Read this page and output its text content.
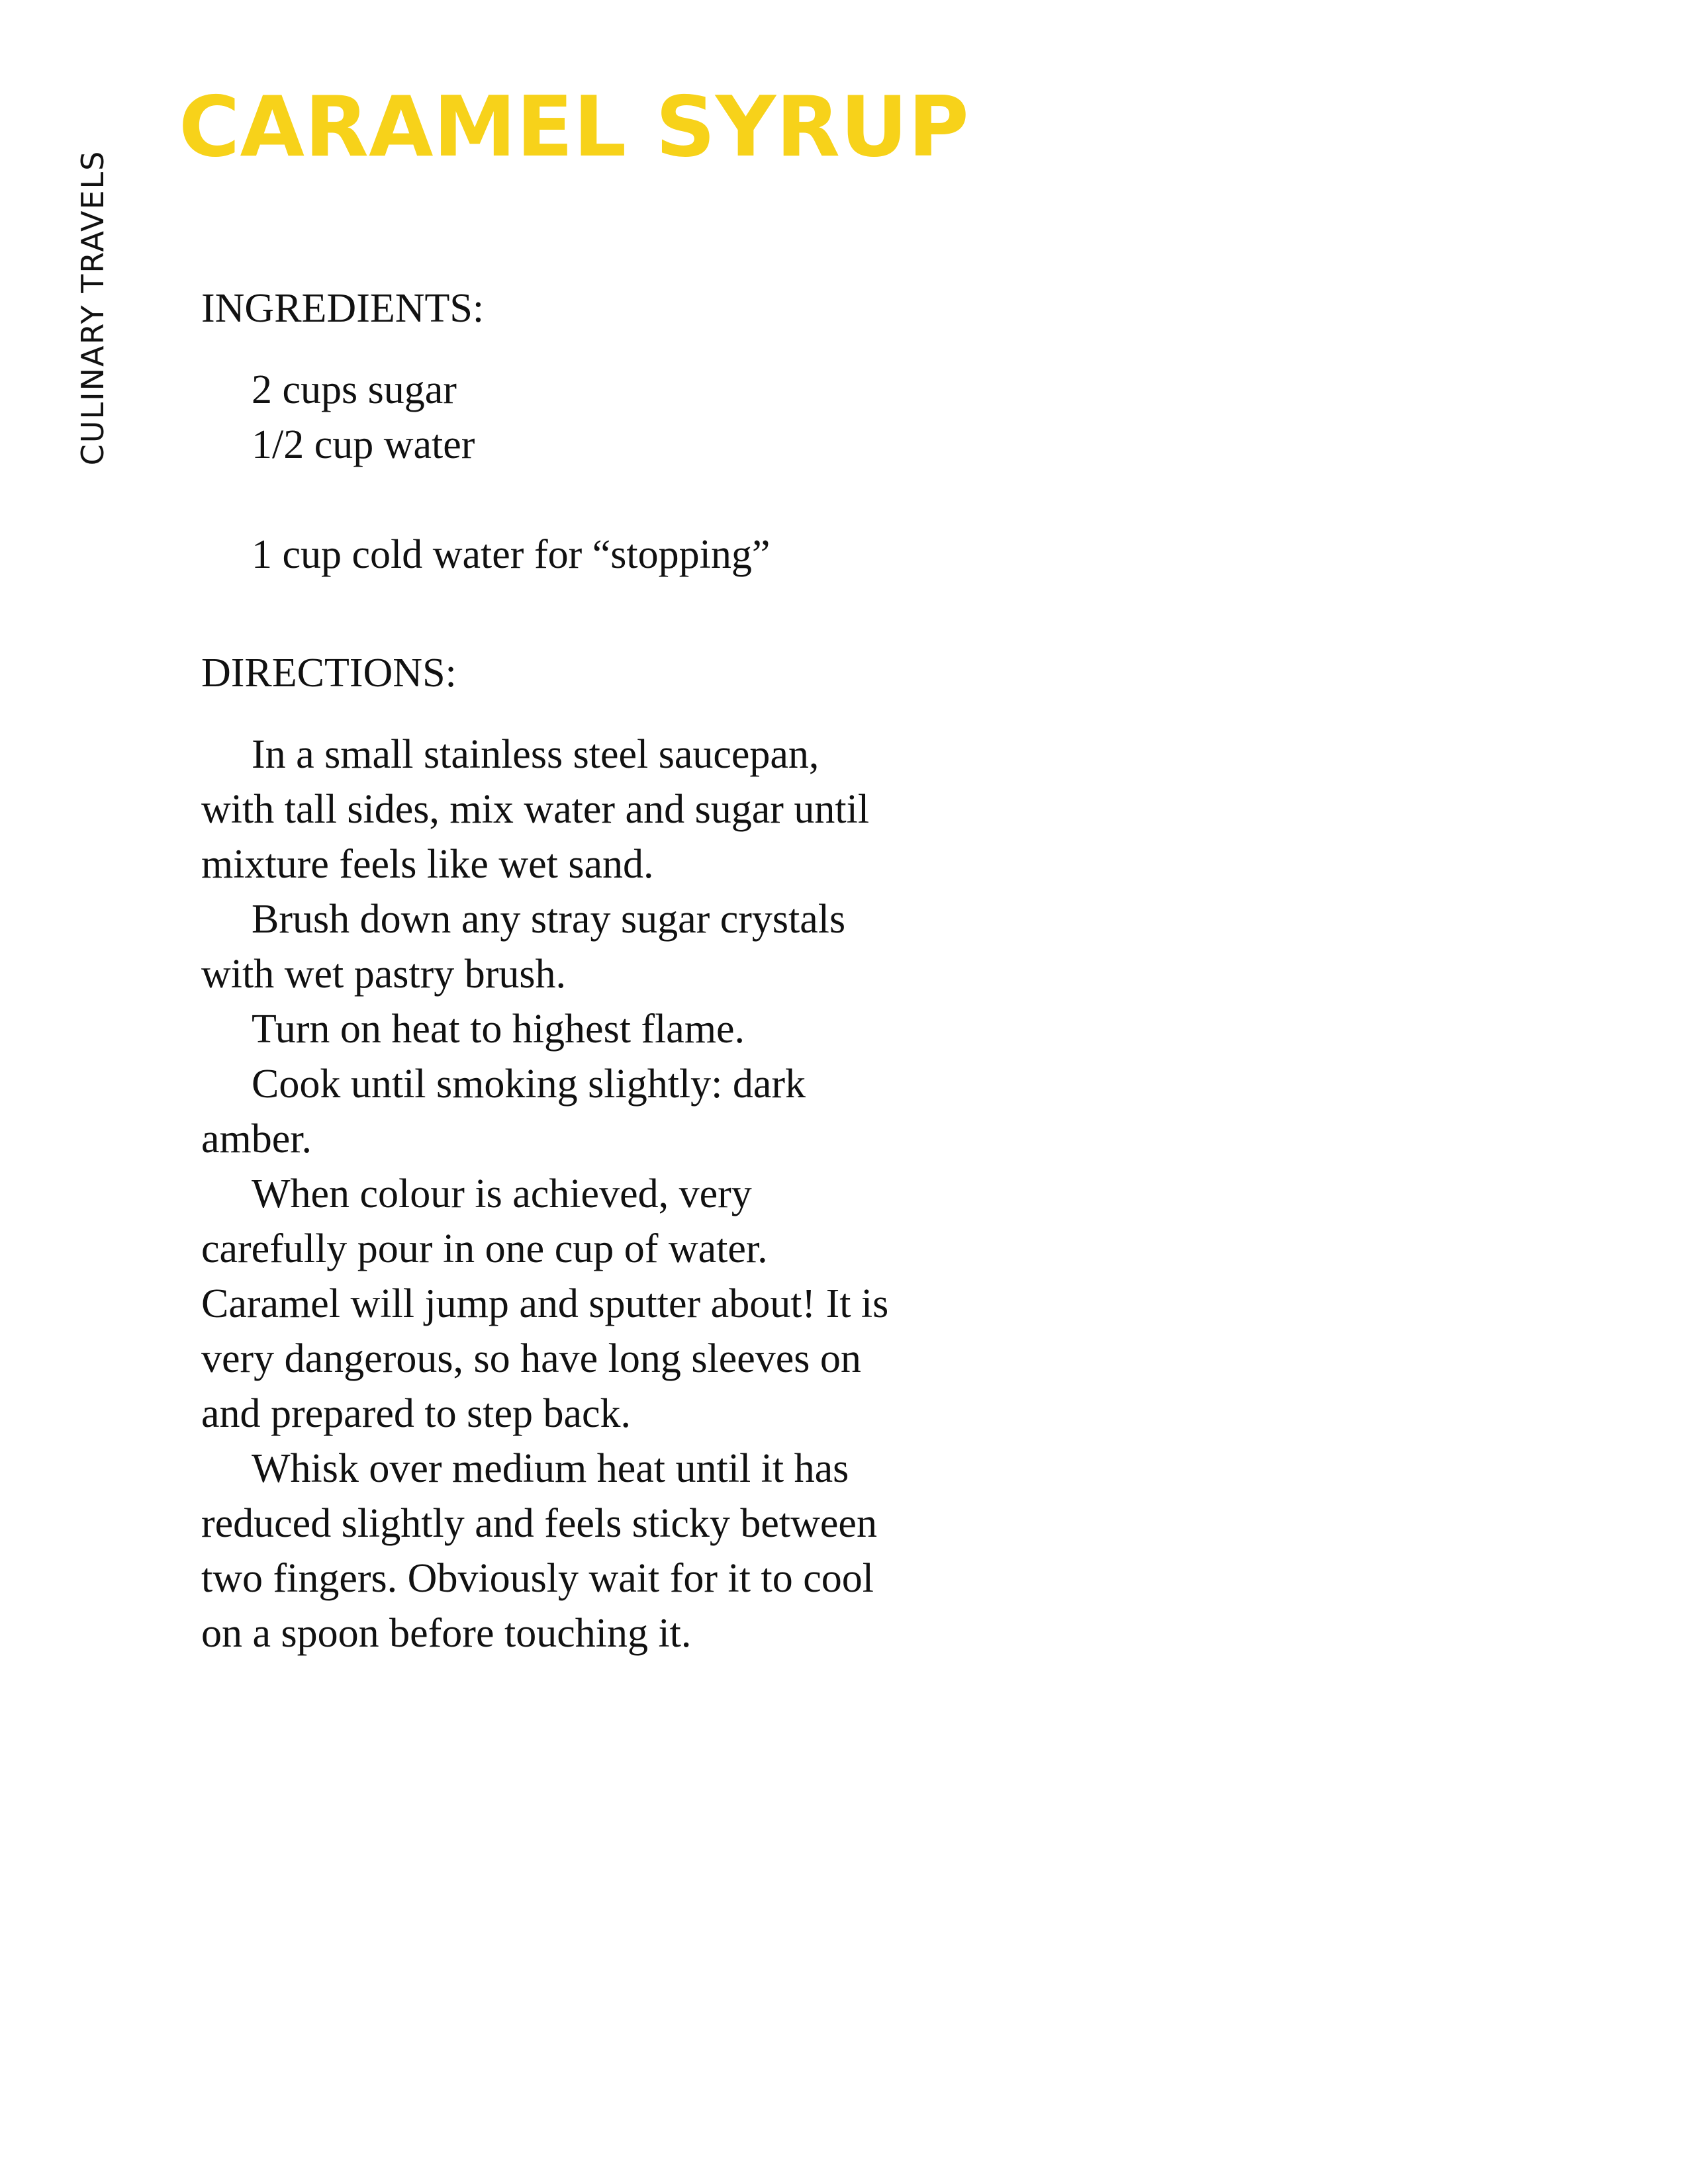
CULINARY TRAVELS
CARAMEL SYRUP
INGREDIENTS:
2 cups sugar
1/2 cup water
1 cup cold water for “stopping”
DIRECTIONS:

In a small stainless steel saucepan, with tall sides, mix water and sugar until mixture feels like wet sand.

Brush down any stray sugar crystals with wet pastry brush.

Turn on heat to highest flame.

Cook until smoking slightly: dark amber.

When colour is achieved, very carefully pour in one cup of water. Caramel will jump and sputter about! It is very dangerous, so have long sleeves on and prepared to step back.

Whisk over medium heat until it has reduced slightly and feels sticky between two fingers. Obviously wait for it to cool on a spoon before touching it.
